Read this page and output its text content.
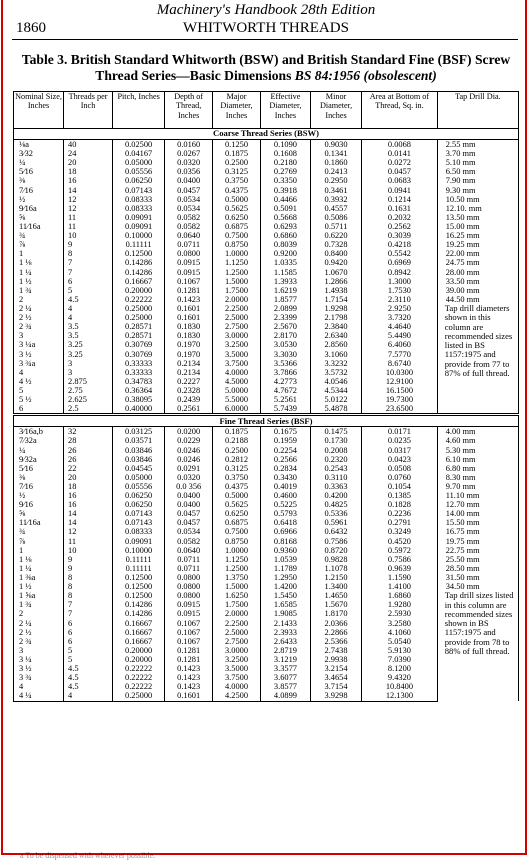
Machinery's Handbook 28th Edition
1860	WHITWORTH THREADS
Table 3. British Standard Whitworth (BSW) and British Standard Fine (BSF) Screw Thread Series—Basic Dimensions BS 84:1956 (obsolescent)
Nominal Size, Inches	Threads per Inch	Pitch, Inches	Depth of Thread, Inches	Major Diameter, Inches	Effective Diameter, Inches	Minor Diameter, Inches	Area at Bottom of Thread, Sq. in.	Tap Drill Dia.
Coarse Thread Series (BSW)								
⅛a	40	0.02500	0.0160	0.1250	0.1090	0.9030	0.0068	2.55 mm
3⁄32	24	0.04167	0.0267	0.1875	0.1608	0.1341	0.0141	3.70 mm
¼	20	0.05000	0.0320	0.2500	0.2180	0.1860	0.0272	5.10 mm
5⁄16	18	0.05556	0.0356	0.3125	0.2769	0.2413	0.0457	6.50 mm
⅜	16	0.06250	0.0400	0.3750	0.3350	0.2950	0.0683	7.90 mm
7⁄16	14	0.07143	0.0457	0.4375	0.3918	0.3461	0.0941	9.30 mm
½	12	0.08333	0.0534	0.5000	0.4466	0.3932	0.1214	10.50 mm
9⁄16a	12	0.08333	0.0534	0.5625	0.5091	0.4557	0.1631	12.10. mm
⅝	11	0.09091	0.0582	0.6250	0.5668	0.5086	0.2032	13.50 mm
11⁄16a	11	0.09091	0.0582	0.6875	0.6293	0.5711	0.2562	15.00 mm
¾	10	0.10000	0.0640	0.7500	0.6860	0.6220	0.3039	16.25 mm
⅞	9	0.11111	0.0711	0.8750	0.8039	0.7328	0.4218	19.25 mm
1	8	0.12500	0.0800	1.0000	0.9200	0.8400	0.5542	22.00 mm
1 ⅛	7	0.14286	0.0915	1.1250	1.0335	0.9420	0.6969	24.75 mm
1 ¼	7	0.14286	0.0915	1.2500	1.1585	1.0670	0.8942	28.00 mm
1 ½	6	0.16667	0.1067	1.5000	1.3933	1.2866	1.3000	33.50 mm
1 ¾	5	0.20000	0.1281	1.7500	1.6219	1.4938	1.7530	39.00 mm
2	4.5	0.22222	0.1423	2.0000	1.8577	1.7154	2.3110	44.50 mm
2 ¼	4	0.25000	0.1601	2.2500	2.0899	1.9298	2.9250	Tap drill diameters shown in this column are recommended sizes listed in BS 1157:1975 and provide from 77 to 87% of full thread.
2 ½	4	0.25000	0.1601	2.5000	2.3399	2.1798	3.7320	
2 ¾	3.5	0.28571	0.1830	2.7500	2.5670	2.3840	4.4640	
3	3.5	0.28571	0.1830	3.0000	2.8170	2.6340	5.4490	
3 ¼a	3.25	0.30769	0.1970	3.2500	3.0530	2.8560	6.4060	
3 ½	3.25	0.30769	0.1970	3.5000	3.3030	3.1060	7.5770	
3 ¾a	3	0.33333	0.2134	3.7500	3.5366	3.3232	8.6740	
4	3	0.33333	0.2134	4.0000	3.7866	3.5732	10.0300	
4 ½	2.875	0.34783	0.2227	4.5000	4.2773	4.0546	12.9100	
5	2.75	0.36364	0.2328	5.0000	4.7672	4.5344	16.1500	
5 ½	2.625	0.38095	0.2439	5.5000	5.2561	5.0122	19.7300	
6	2.5	0.40000	0.2561	6.0000	5.7439	5.4878	23.6500	
Fine Thread Series (BSF)								
3⁄16a,b	32	0.03125	0.0200	0.1875	0.1675	0.1475	0.0171	4.00 mm
7⁄32a	28	0.03571	0.0229	0.2188	0.1959	0.1730	0.0235	4.60 mm
¼	26	0.03846	0.0246	0.2500	0.2254	0.2008	0.0317	5.30 mm
9⁄32a	26	0.03846	0.0246	0.2812	0.2566	0.2320	0.0423	6.10 mm
5⁄16	22	0.04545	0.0291	0.3125	0.2834	0.2543	0.0508	6.80 mm
⅜	20	0.05000	0.0320	0.3750	0.3430	0.3110	0.0760	8.30 mm
7⁄16	18	0.05556	0.0 356	0.4375	0.4019	0.3363	0.1054	9.70 mm
½	16	0.06250	0.0400	0.5000	0.4600	0.4200	0.1385	11.10 mm
9⁄16	16	0.06250	0.0400	0.5625	0.5225	0.4825	0.1828	12.70 mm
⅝	14	0.07143	0.0457	0.6250	0.5793	0.5336	0.2236	14.00 mm
11⁄16a	14	0.07143	0.0457	0.6875	0.6418	0.5961	0.2791	15.50 mm
¾	12	0.08333	0.0534	0.7500	0.6966	0.6432	0.3249	16.75 mm
⅞	11	0.09091	0.0582	0.8750	0.8168	0.7586	0.4520	19.75 mm
1	10	0.10000	0.0640	1.0000	0.9360	0.8720	0.5972	22.75 mm
1 ⅛	9	0.11111	0.0711	1.1250	1.0539	0.9828	0.7586	25.50 mm
1 ¼	9	0.11111	0.0711	1.2500	1.1789	1.1078	0.9639	28.50 mm
1 ⅜a	8	0.12500	0.0800	1.3750	1.2950	1.2150	1.1590	31.50 mm
1 ½	8	0.12500	0.0800	1.5000	1.4200	1.3400	1.4100	34.50 mm
1 ⅝a	8	0.12500	0.0800	1.6250	1.5450	1.4650	1.6860	Tap drill sizes listed in this column are recommended sizes shown in BS 1157:1975 and provide from 78 to 88% of full thread.
1 ¾	7	0.14286	0.0915	1.7500	1.6585	1.5670	1.9280	
2	7	0.14286	0.0915	2.0000	1.9085	1.8170	2.5930	
2 ¼	6	0.16667	0.1067	2.2500	2.1433	2.0366	3.2580	
2 ½	6	0.16667	0.1067	2.5000	2.3933	2.2866	4.1060	
2 ¾	6	0.16667	0.1067	2.7500	2.6433	2.5366	5.0540	
3	5	0.20000	0.1281	3.0000	2.8719	2.7438	5.9130	
3 ¼	5	0.20000	0.1281	3.2500	3.1219	2.9938	7.0390	
3 ½	4.5	0.22222	0.1423	3.5000	3.3577	3.2154	8.1200	
3 ¾	4.5	0.22222	0.1423	3.7500	3.6077	3.4654	9.4320	
4	4.5	0.22222	0.1423	4.0000	3.8577	3.7154	10.8400	
4 ¼	4	0.25000	0.1601	4.2500	4.0899	3.9298	12.1300	
a To be dispensed with wherever possible.
